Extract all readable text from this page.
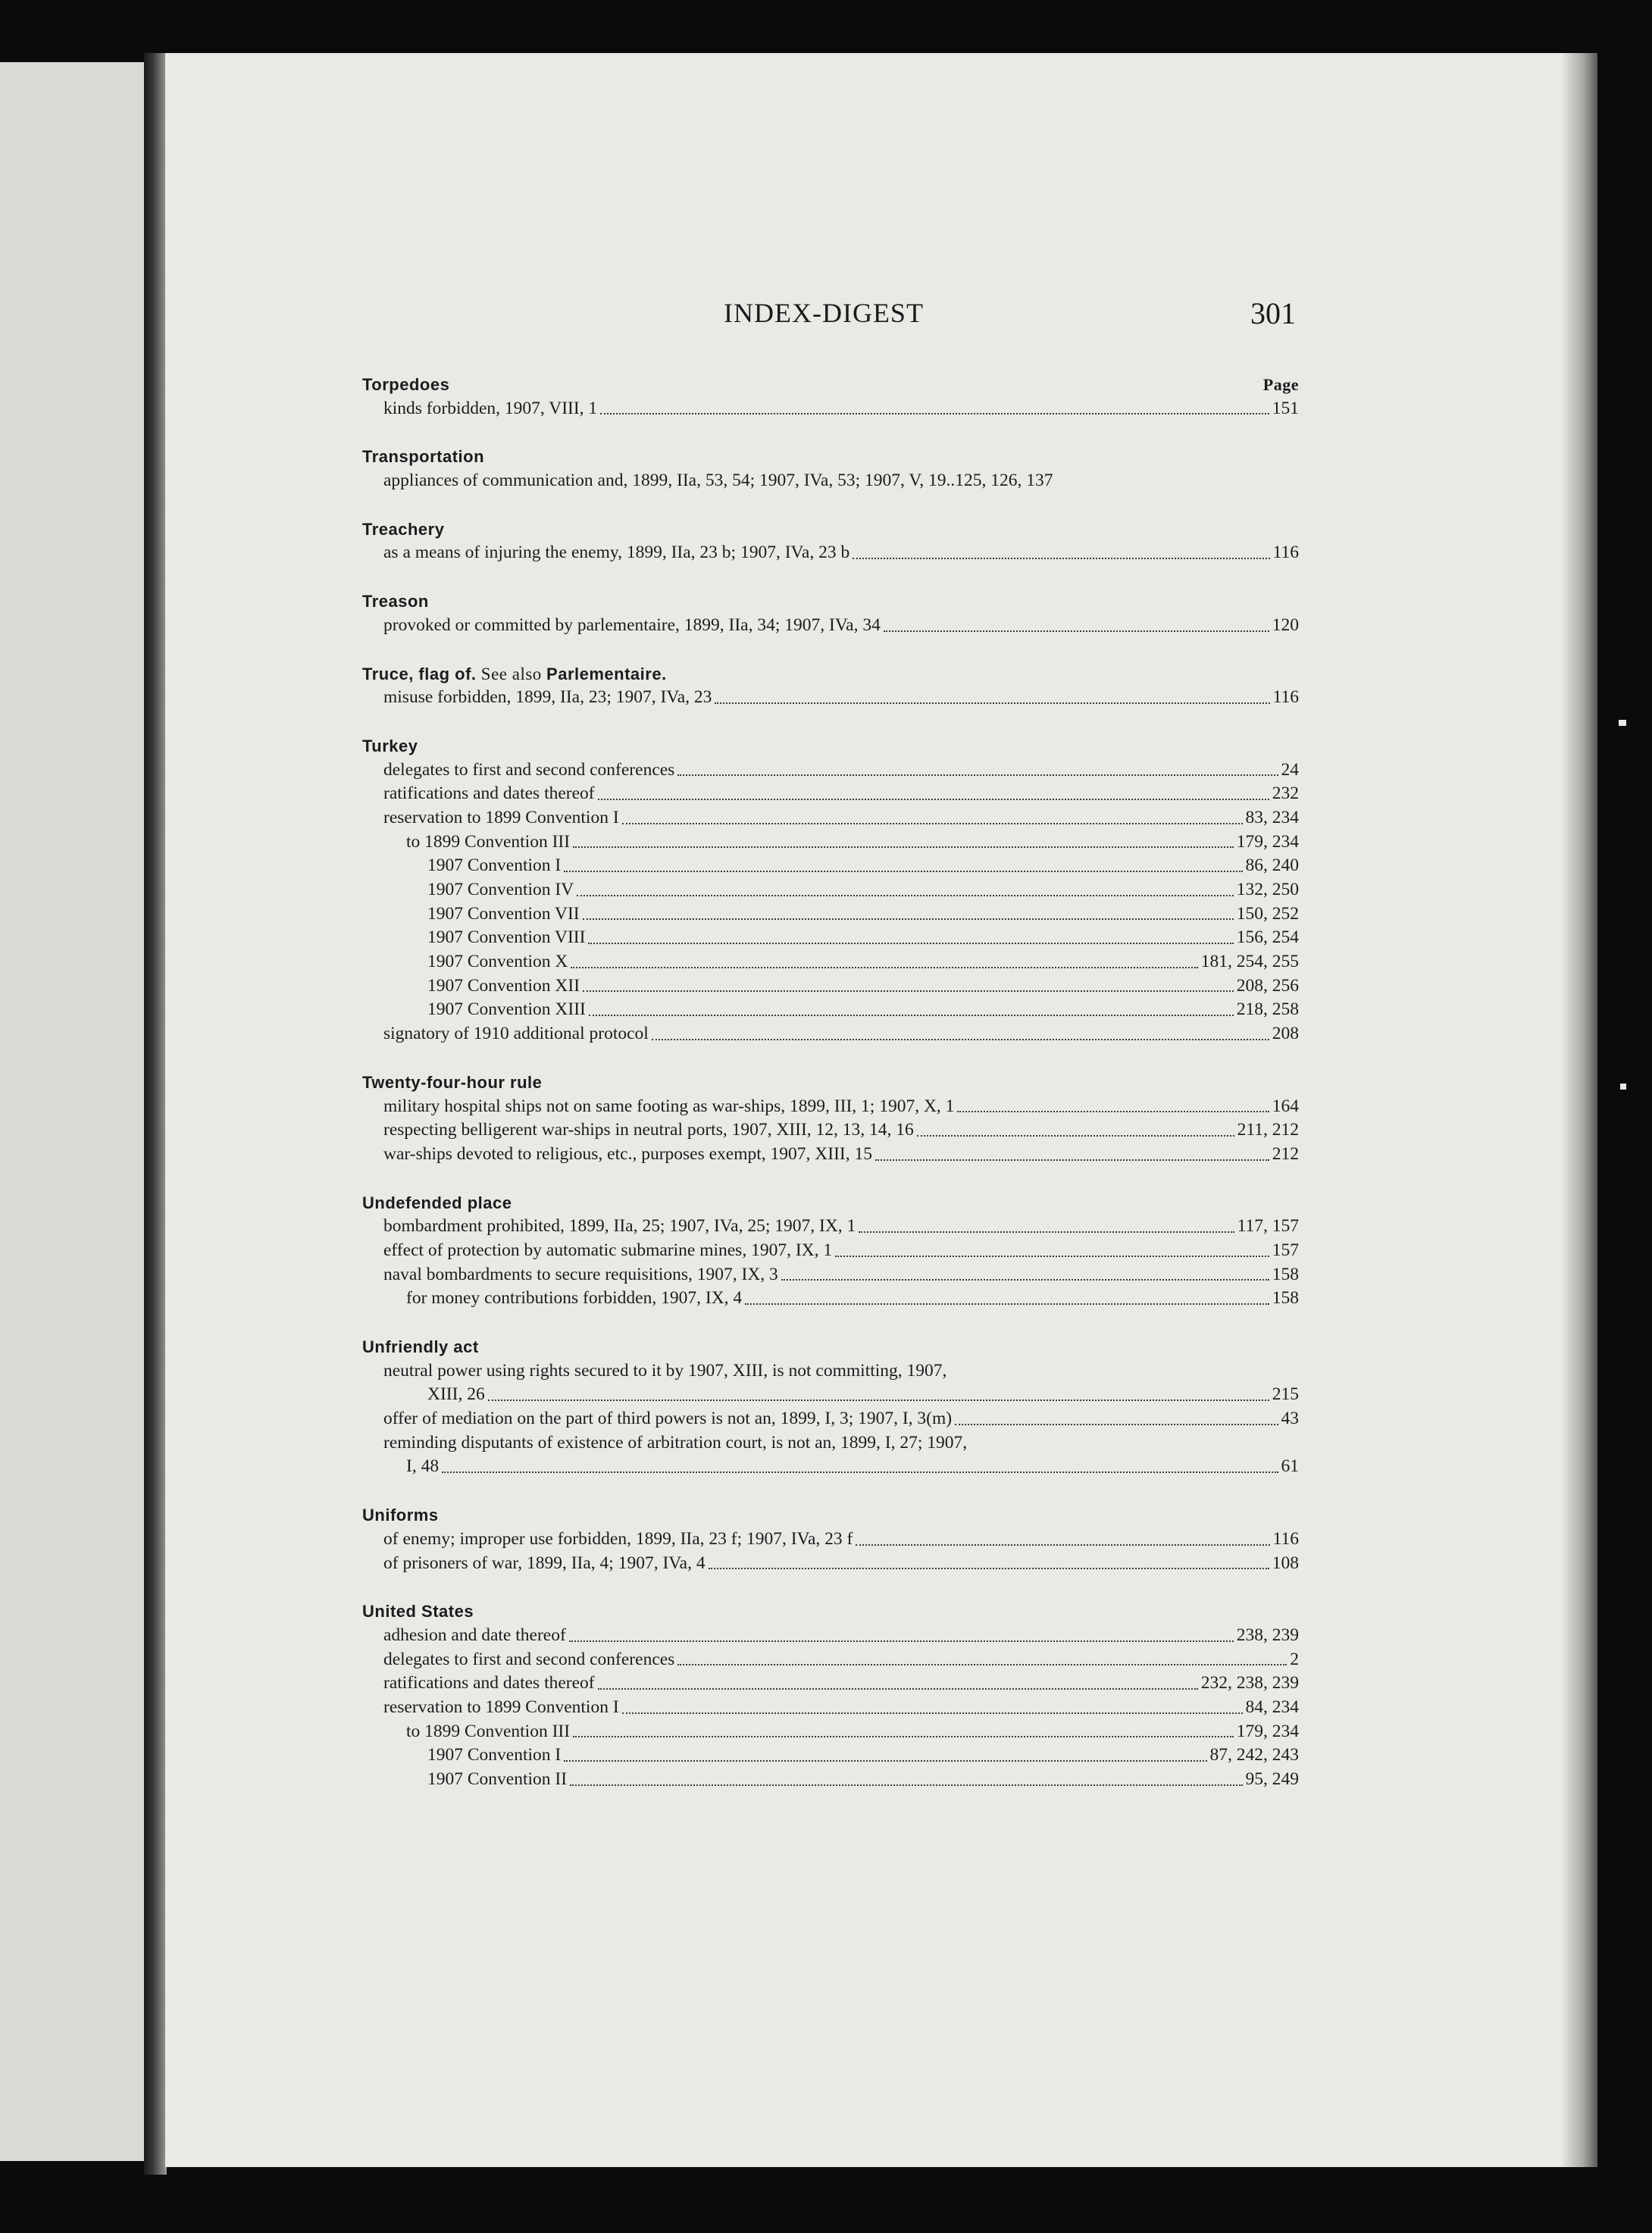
INDEX-DIGEST	301
Torpedoes	Page
kinds forbidden, 1907, VIII, 1	151
Transportation
appliances of communication and, 1899, IIa, 53, 54; 1907, IVa, 53; 1907, V, 19..125, 126, 137
Treachery
as a means of injuring the enemy, 1899, IIa, 23 b; 1907, IVa, 23 b	116
Treason
provoked or committed by parlementaire, 1899, IIa, 34; 1907, IVa, 34	120
Truce, flag of. See also Parlementaire.
misuse forbidden, 1899, IIa, 23; 1907, IVa, 23	116
Turkey
delegates to first and second conferences	24
ratifications and dates thereof	232
reservation to 1899 Convention I	83, 234
to 1899 Convention III	179, 234
1907 Convention I	86, 240
1907 Convention IV	132, 250
1907 Convention VII	150, 252
1907 Convention VIII	156, 254
1907 Convention X	181, 254, 255
1907 Convention XII	208, 256
1907 Convention XIII	218, 258
signatory of 1910 additional protocol	208
Twenty-four-hour rule
military hospital ships not on same footing as war-ships, 1899, III, 1; 1907, X, 1	164
respecting belligerent war-ships in neutral ports, 1907, XIII, 12, 13, 14, 16	211, 212
war-ships devoted to religious, etc., purposes exempt, 1907, XIII, 15	212
Undefended place
bombardment prohibited, 1899, IIa, 25; 1907, IVa, 25; 1907, IX, 1	117, 157
effect of protection by automatic submarine mines, 1907, IX, 1	157
naval bombardments to secure requisitions, 1907, IX, 3	158
for money contributions forbidden, 1907, IX, 4	158
Unfriendly act
neutral power using rights secured to it by 1907, XIII, is not committing, 1907,
XIII, 26	215
offer of mediation on the part of third powers is not an, 1899, I, 3; 1907, I, 3(m)	43
reminding disputants of existence of arbitration court, is not an, 1899, I, 27; 1907,
I, 48	61
Uniforms
of enemy; improper use forbidden, 1899, IIa, 23 f; 1907, IVa, 23 f	116
of prisoners of war, 1899, IIa, 4; 1907, IVa, 4	108
United States
adhesion and date thereof	238, 239
delegates to first and second conferences	2
ratifications and dates thereof	232, 238, 239
reservation to 1899 Convention I	84, 234
to 1899 Convention III	179, 234
1907 Convention I	87, 242, 243
1907 Convention II	95, 249
